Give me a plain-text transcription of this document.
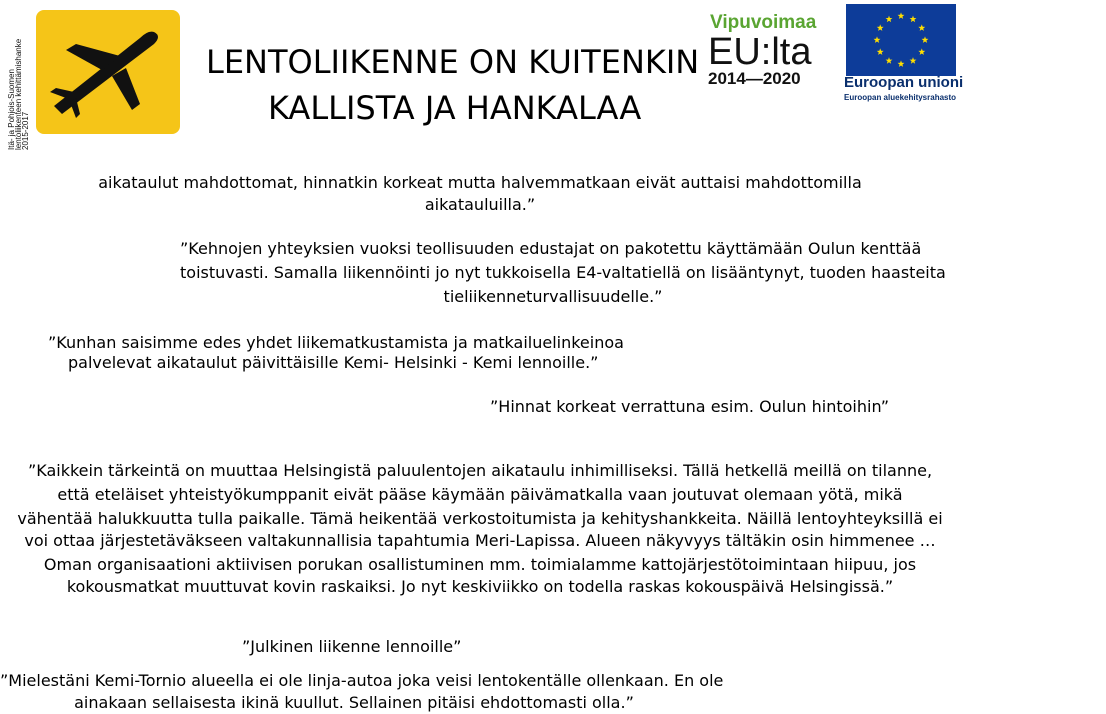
Itä- ja Pohjois-Suomen lentoliikenteen kehittämishanke 2015-2017
LENTOLIIKENNE ON KUITENKIN
KALLISTA JA HANKALAA
Vipuvoimaa
EU:lta
2014—2020	Euroopan unioni
Euroopan aluekehitysrahasto
aikataulut mahdottomat, hinnatkin korkeat mutta halvemmatkaan eivät auttaisi mahdottomilla
aikatauluilla.”
”Kehnojen yhteyksien vuoksi teollisuuden edustajat on pakotettu käyttämään Oulun kenttää
toistuvasti. Samalla liikennöinti jo nyt tukkoisella E4-valtatiellä on lisääntynyt, tuoden haasteita
tieliikenneturvallisuudelle.”
”Kunhan saisimme edes yhdet liikematkustamista ja matkailuelinkeinoa
palvelevat aikataulut päivittäisille Kemi- Helsinki - Kemi lennoille.”
”Hinnat korkeat verrattuna esim. Oulun hintoihin”
”Kaikkein tärkeintä on muuttaa Helsingistä paluulentojen aikataulu inhimilliseksi. Tällä hetkellä meillä on tilanne,
että eteläiset yhteistyökumppanit eivät pääse käymään päivämatkalla vaan joutuvat olemaan yötä, mikä
vähentää halukkuutta tulla paikalle. Tämä heikentää verkostoitumista ja kehityshankkeita. Näillä lentoyhteyksillä ei
voi ottaa järjestetäväkseen valtakunnallisia tapahtumia Meri-Lapissa. Alueen näkyvyys tältäkin osin himmenee …
Oman organisaationi aktiivisen porukan osallistuminen mm. toimialamme kattojärjestötoimintaan hiipuu, jos
kokousmatkat muuttuvat kovin raskaiksi. Jo nyt keskiviikko on todella raskas kokouspäivä Helsingissä.”
”Julkinen liikenne lennoille”
”Mielestäni Kemi-Tornio alueella ei ole linja-autoa joka veisi lentokentälle ollenkaan. En ole
ainakaan sellaisesta ikinä kuullut. Sellainen pitäisi ehdottomasti olla.”
